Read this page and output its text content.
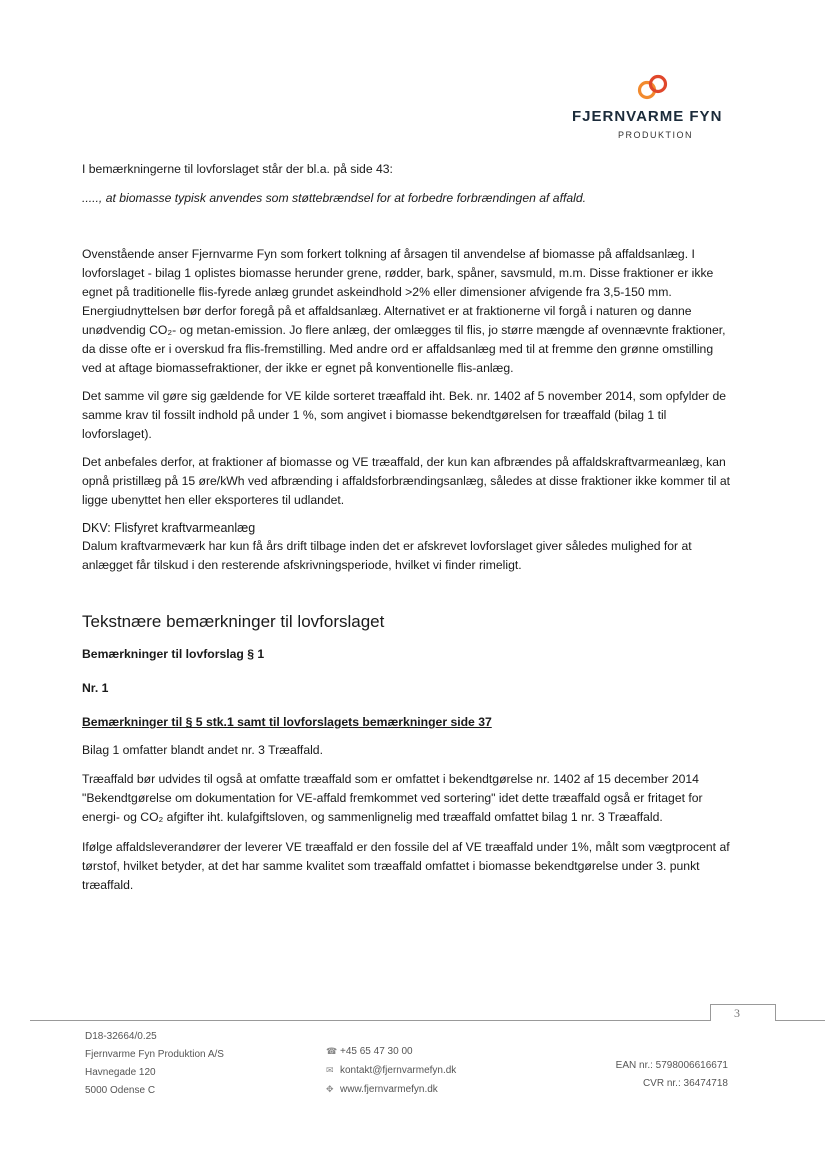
FJERNVARME FYN
PRODUKTION

I bemærkningerne til lovforslaget står der bl.a. på side 43:

....., at biomasse typisk anvendes som støttebrændsel for at forbedre forbrændingen af affald.

Ovenstående anser Fjernvarme Fyn som forkert tolkning af årsagen til anvendelse af biomasse på affaldsanlæg. I lovforslaget - bilag 1 oplistes biomasse herunder grene, rødder, bark, spåner, savsmuld, m.m. Disse fraktioner er ikke egnet på traditionelle flis-fyrede anlæg grundet askeindhold >2% eller dimensioner afvigende fra 3,5-150 mm. Energiudnyttelsen bør derfor foregå på et affaldsanlæg. Alternativet er at fraktionerne vil forgå i naturen og danne unødvendig CO₂- og metan-emission. Jo flere anlæg, der omlægges til flis, jo større mængde af ovennævnte fraktioner, da disse ofte er i overskud fra flis-fremstilling. Med andre ord er affaldsanlæg med til at fremme den grønne omstilling ved at aftage biomassefraktioner, der ikke er egnet på konventionelle flis-anlæg.

Det samme vil gøre sig gældende for VE kilde sorteret træaffald iht. Bek. nr. 1402 af 5 november 2014, som opfylder de samme krav til fossilt indhold på under 1 %, som angivet i biomasse bekendtgørelsen for træaffald (bilag 1 til lovforslaget).

Det anbefales derfor, at fraktioner af biomasse og VE træaffald, der kun kan afbrændes på affaldskraftvarmeanlæg, kan opnå pristillæg på 15 øre/kWh ved afbrænding i affaldsforbrændingsanlæg, således at disse fraktioner ikke kommer til at ligge ubenyttet hen eller eksporteres til udlandet.

DKV: Flisfyret kraftvarmeanlæg

Dalum kraftvarmeværk har kun få års drift tilbage inden det er afskrevet lovforslaget giver således mulighed for at anlægget får tilskud i den resterende afskrivningsperiode, hvilket vi finder rimeligt.

Tekstnære bemærkninger til lovforslaget

Bemærkninger til lovforslag § 1

Nr. 1

Bemærkninger til § 5 stk.1 samt til lovforslagets bemærkninger side 37

Bilag 1 omfatter blandt andet nr. 3 Træaffald.

Træaffald bør udvides til også at omfatte træaffald som er omfattet i bekendtgørelse nr. 1402 af 15 december 2014 "Bekendtgørelse om dokumentation for VE-affald fremkommet ved sortering" idet dette træaffald også er fritaget for energi- og CO₂ afgifter iht. kulafgiftsloven, og sammenlignelig med træaffald omfattet bilag 1 nr. 3 Træaffald.

Ifølge affaldsleverandører der leverer VE træaffald er den fossile del af VE træaffald under 1%, målt som vægtprocent af tørstof, hvilket betyder, at det har samme kvalitet som træaffald omfattet i biomasse bekendtgørelse under 3. punkt træaffald.

3
D18-32664/0.25
Fjernvarme Fyn Produktion A/S
Havnegade 120
5000 Odense C
☎ +45 65 47 30 00
✉ kontakt@fjernvarmefyn.dk
✥ www.fjernvarmefyn.dk
EAN nr.: 5798006616671
CVR nr.: 36474718
